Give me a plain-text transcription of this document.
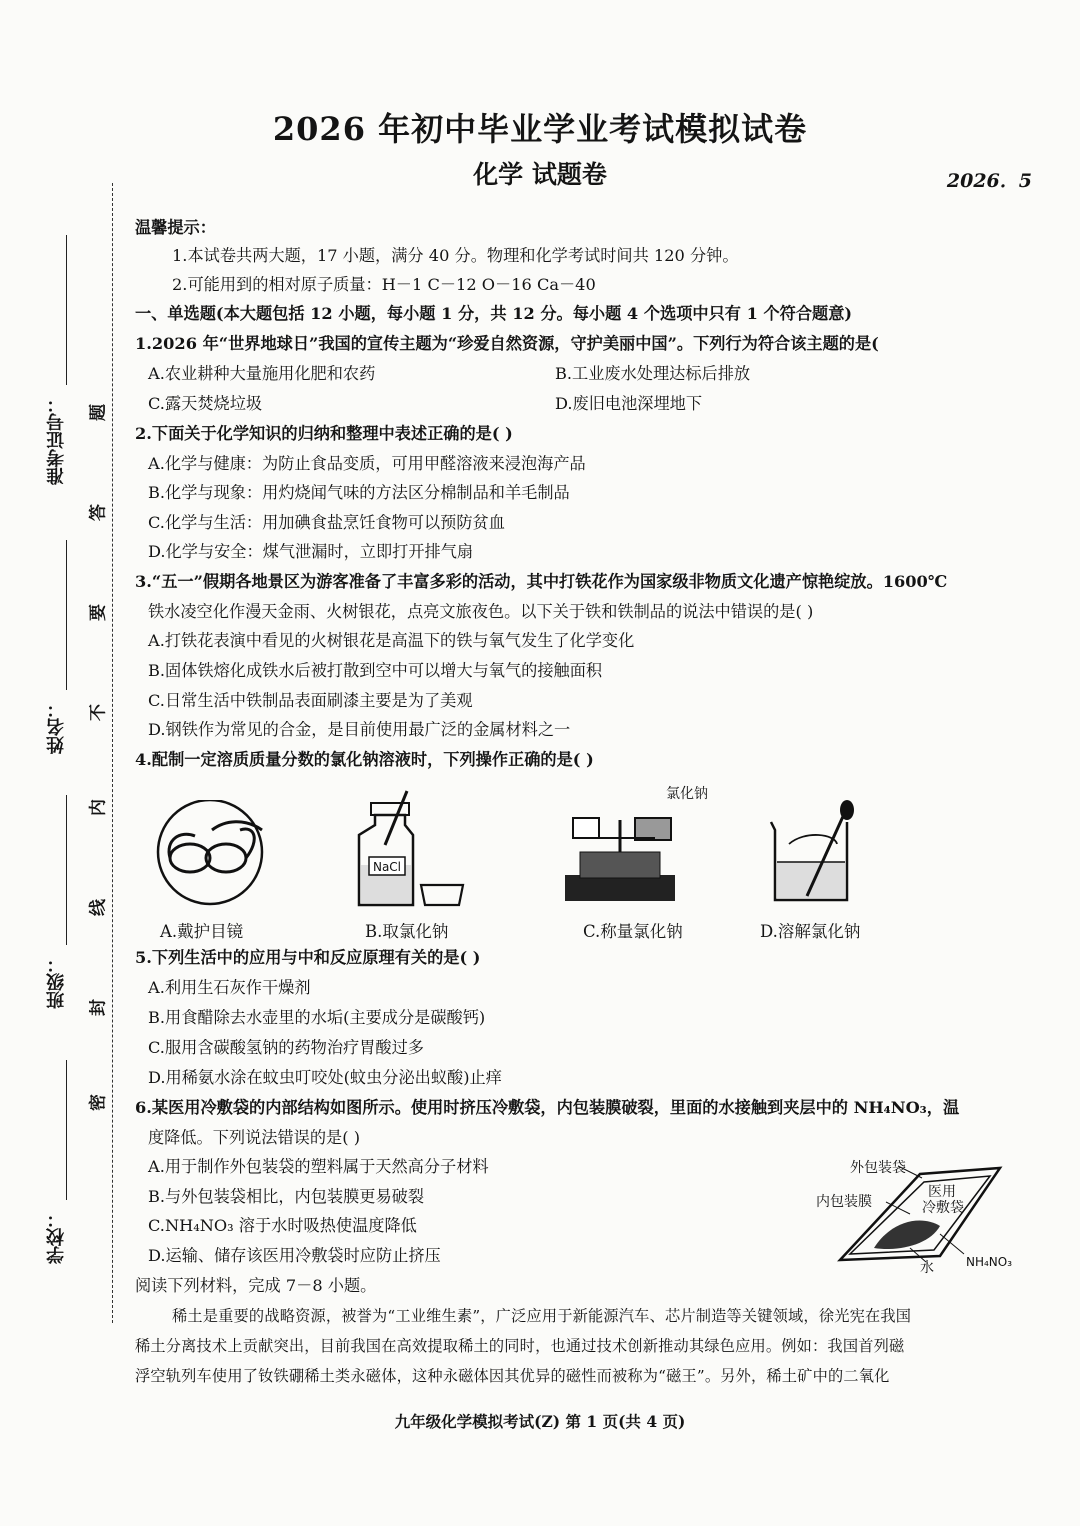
2026 年初中毕业学业考试模拟试卷
化学 试题卷	2026．5
准考证号：
姓名：
班级：
学校：
题
答
要
不
内
线
封
密
温馨提示：
1.本试卷共两大题，17 小题，满分 40 分。物理和化学考试时间共 120 分钟。
2.可能用到的相对原子质量：H－1 C－12 O－16 Ca－40
一、单选题(本大题包括 12 小题，每小题 1 分，共 12 分。每小题 4 个选项中只有 1 个符合题意)
1.2026 年“世界地球日”我国的宣传主题为“珍爱自然资源，守护美丽中国”。下列行为符合该主题的是(
A.农业耕种大量施用化肥和农药	B.工业废水处理达标后排放
C.露天焚烧垃圾	D.废旧电池深埋地下
2.下面关于化学知识的归纳和整理中表述正确的是( )
A.化学与健康：为防止食品变质，可用甲醛溶液来浸泡海产品
B.化学与现象：用灼烧闻气味的方法区分棉制品和羊毛制品
C.化学与生活：用加碘食盐烹饪食物可以预防贫血
D.化学与安全：煤气泄漏时，立即打开排气扇
3.“五一”假期各地景区为游客准备了丰富多彩的活动，其中打铁花作为国家级非物质文化遗产惊艳绽放。1600℃
铁水凌空化作漫天金雨、火树银花，点亮文旅夜色。以下关于铁和铁制品的说法中错误的是( )
A.打铁花表演中看见的火树银花是高温下的铁与氧气发生了化学变化
B.固体铁熔化成铁水后被打散到空中可以增大与氧气的接触面积
C.日常生活中铁制品表面刷漆主要是为了美观
D.钢铁作为常见的合金，是目前使用最广泛的金属材料之一
4.配制一定溶质质量分数的氯化钠溶液时，下列操作正确的是( )
A.戴护目镜
NaCl
B.取氯化钠
氯化钠
C.称量氯化钠	D.溶解氯化钠
5.下列生活中的应用与中和反应原理有关的是( )
A.利用生石灰作干燥剂
B.用食醋除去水壶里的水垢(主要成分是碳酸钙)
C.服用含碳酸氢钠的药物治疗胃酸过多
D.用稀氨水涂在蚊虫叮咬处(蚊虫分泌出蚁酸)止痒
6.某医用冷敷袋的内部结构如图所示。使用时挤压冷敷袋，内包装膜破裂，里面的水接触到夹层中的 NH₄NO₃，温
度降低。下列说法错误的是( )
A.用于制作外包装袋的塑料属于天然高分子材料
B.与外包装袋相比，内包装膜更易破裂
C.NH₄NO₃ 溶于水时吸热使温度降低
D.运输、储存该医用冷敷袋时应防止挤压
外包装袋
内包装膜
医用
冷敷袋
水	NH₄NO₃
阅读下列材料，完成 7－8 小题。
稀土是重要的战略资源，被誉为“工业维生素”，广泛应用于新能源汽车、芯片制造等关键领域，徐光宪在我国
稀土分离技术上贡献突出，目前我国在高效提取稀土的同时，也通过技术创新推动其绿色应用。例如：我国首列磁
浮空轨列车使用了钕铁硼稀土类永磁体，这种永磁体因其优异的磁性而被称为“磁王”。另外，稀土矿中的二氧化
九年级化学模拟考试(Z) 第 1 页(共 4 页)
